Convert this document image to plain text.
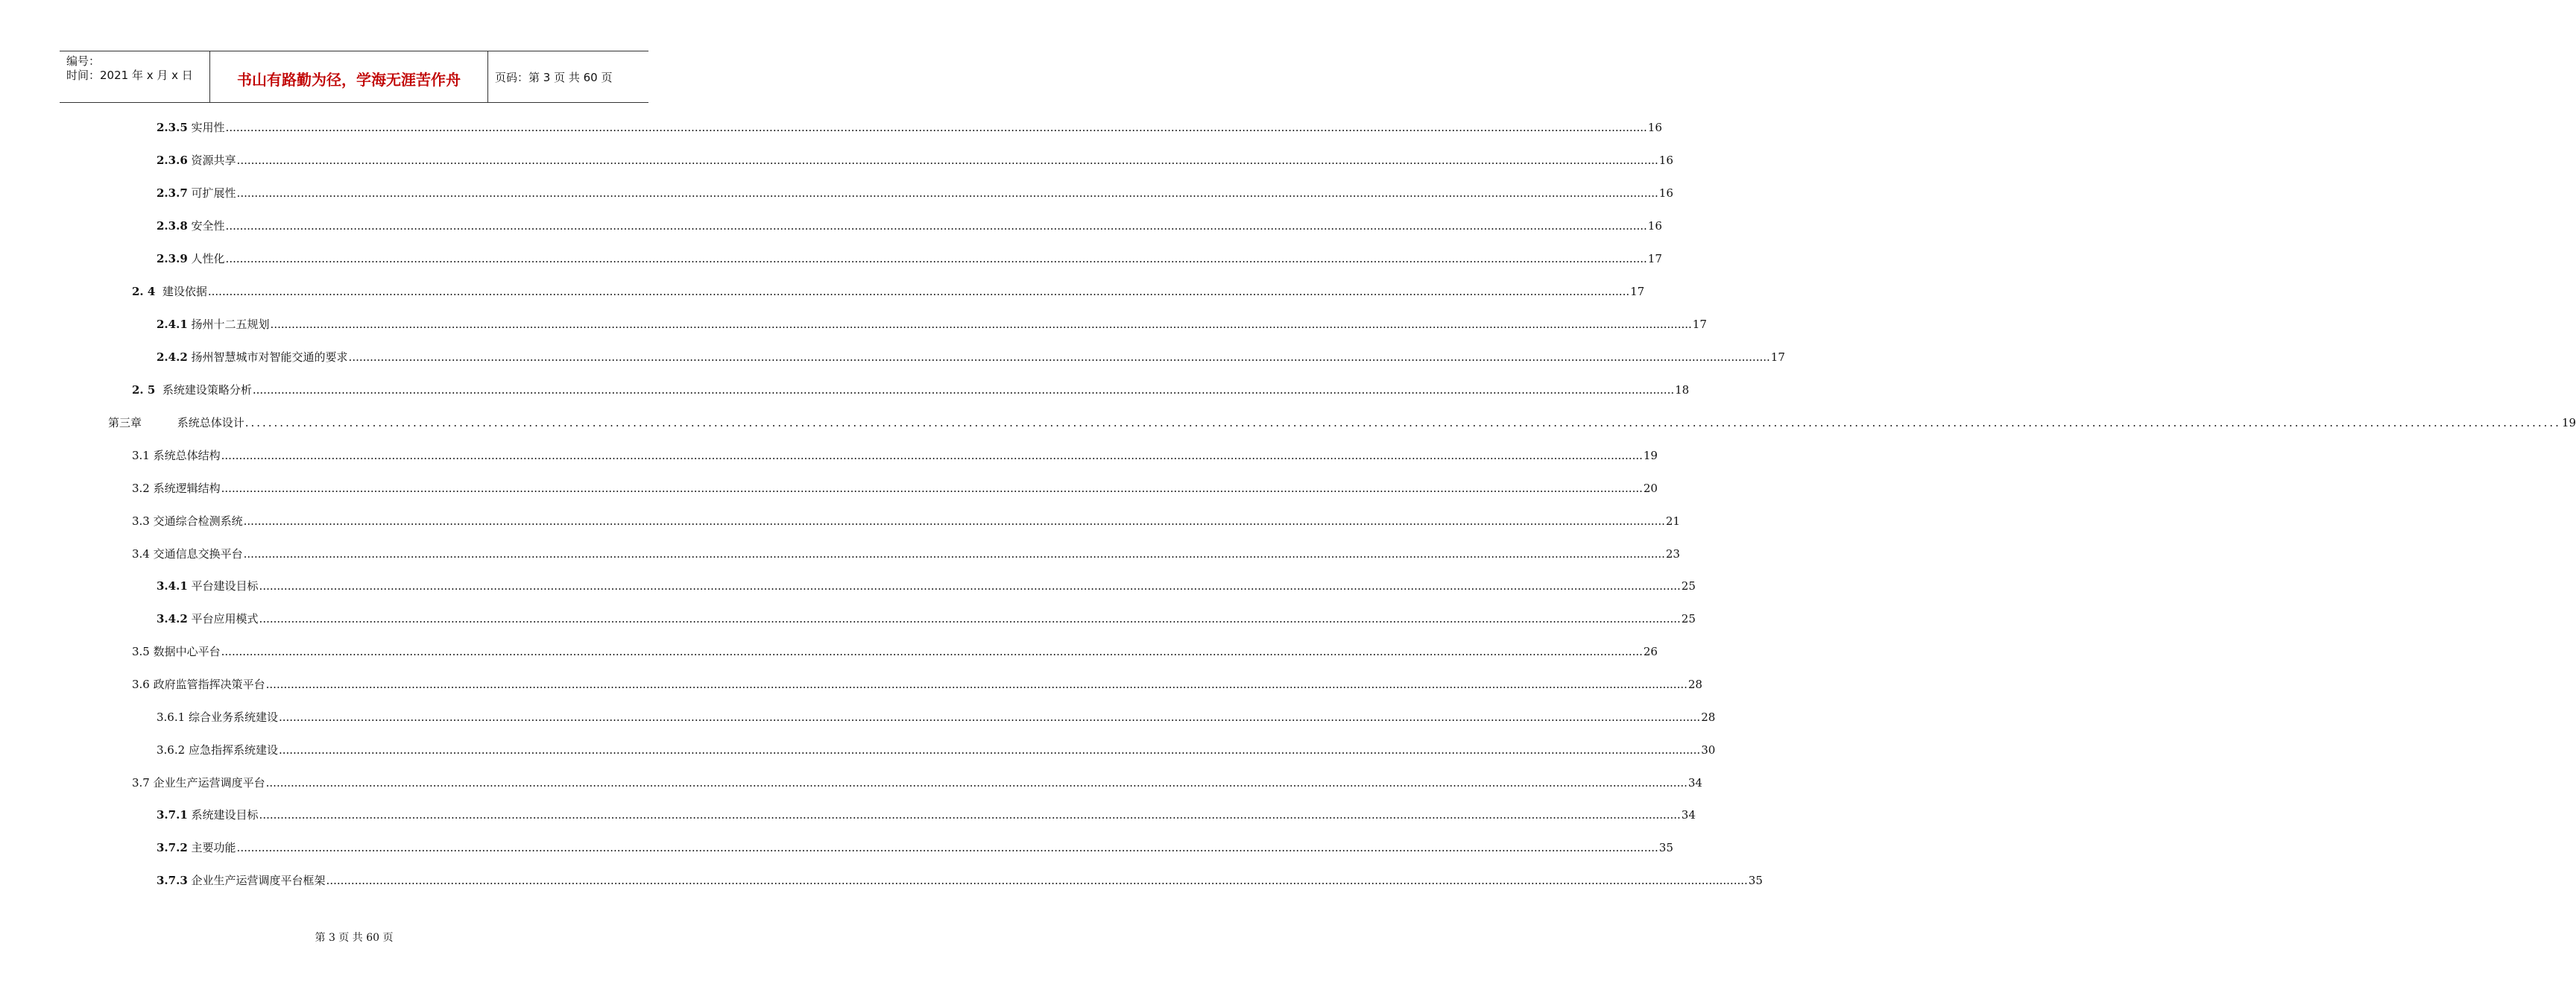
编号：
时间：2021 年 x 月 x 日	书山有路勤为径，学海无涯苦作舟	页码：第 3 页 共 60 页
2.3.5 实用性 ................................................................................................................................................................................................................................................................................................................................................................................................................ 16
2.3.6 资源共享 ................................................................................................................................................................................................................................................................................................................................................................................................................ 16
2.3.7 可扩展性 ................................................................................................................................................................................................................................................................................................................................................................................................................ 16
2.3.8 安全性 ................................................................................................................................................................................................................................................................................................................................................................................................................ 16
2.3.9 人性化 ................................................................................................................................................................................................................................................................................................................................................................................................................ 17
2. 4 建设依据 ................................................................................................................................................................................................................................................................................................................................................................................................................ 17
2.4.1 扬州十二五规划 ................................................................................................................................................................................................................................................................................................................................................................................................................ 17
2.4.2 扬州智慧城市对智能交通的要求 ................................................................................................................................................................................................................................................................................................................................................................................................................ 17
2. 5 系统建设策略分析 ................................................................................................................................................................................................................................................................................................................................................................................................................ 18
第三章 系统总体设计 ................................................................................................................................................................................................................................................................................................................................................................................................................ 19
3.1 系统总体结构 ................................................................................................................................................................................................................................................................................................................................................................................................................ 19
3.2 系统逻辑结构 ................................................................................................................................................................................................................................................................................................................................................................................................................ 20
3.3 交通综合检测系统 ................................................................................................................................................................................................................................................................................................................................................................................................................ 21
3.4 交通信息交换平台 ................................................................................................................................................................................................................................................................................................................................................................................................................ 23
3.4.1 平台建设目标 ................................................................................................................................................................................................................................................................................................................................................................................................................ 25
3.4.2 平台应用模式 ................................................................................................................................................................................................................................................................................................................................................................................................................ 25
3.5 数据中心平台 ................................................................................................................................................................................................................................................................................................................................................................................................................ 26
3.6 政府监管指挥决策平台 ................................................................................................................................................................................................................................................................................................................................................................................................................ 28
3.6.1 综合业务系统建设 ................................................................................................................................................................................................................................................................................................................................................................................................................ 28
3.6.2 应急指挥系统建设 ................................................................................................................................................................................................................................................................................................................................................................................................................ 30
3.7 企业生产运营调度平台 ................................................................................................................................................................................................................................................................................................................................................................................................................ 34
3.7.1 系统建设目标 ................................................................................................................................................................................................................................................................................................................................................................................................................ 34
3.7.2 主要功能 ................................................................................................................................................................................................................................................................................................................................................................................................................ 35
3.7.3 企业生产运营调度平台框架 ................................................................................................................................................................................................................................................................................................................................................................................................................ 35
第 3 页 共 60 页
